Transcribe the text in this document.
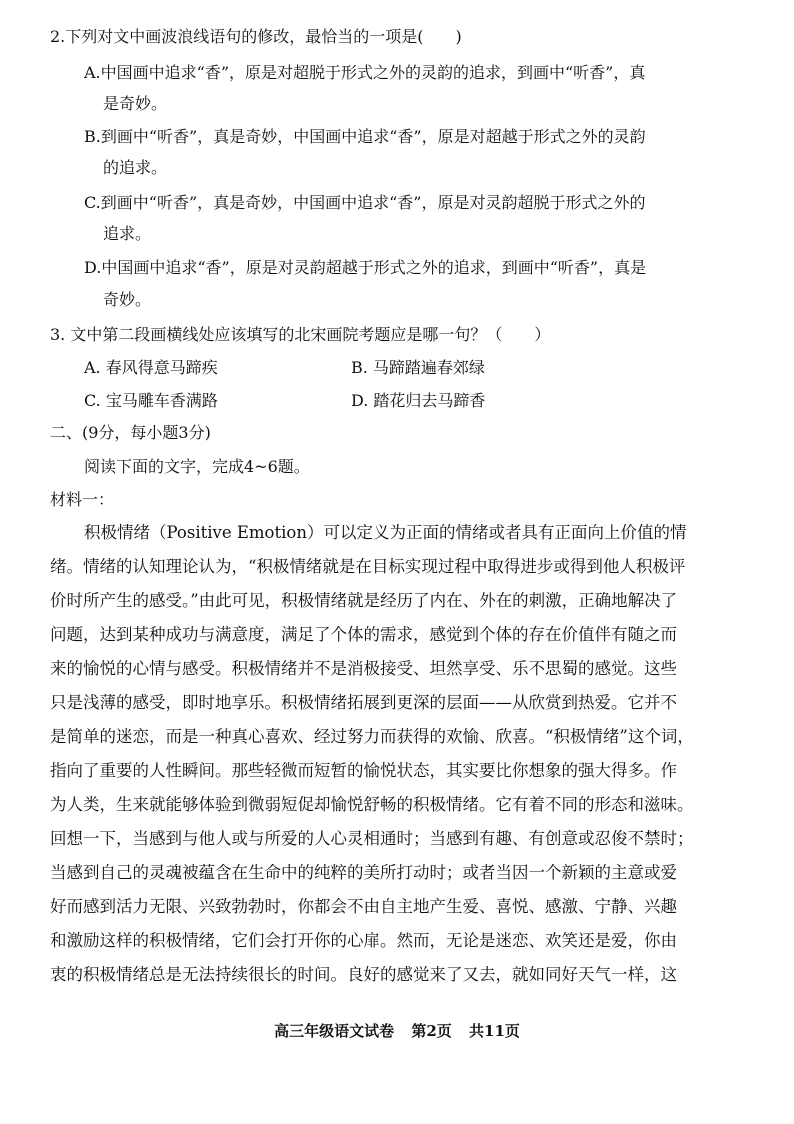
2.下列对文中画波浪线语句的修改，最恰当的一项是(　　)
A.中国画中追求“香”，原是对超脱于形式之外的灵韵的追求，到画中“听香”，真
是奇妙。
B.到画中“听香”，真是奇妙，中国画中追求“香”，原是对超越于形式之外的灵韵
的追求。
C.到画中“听香”，真是奇妙，中国画中追求“香”，原是对灵韵超脱于形式之外的
追求。
D.中国画中追求“香”，原是对灵韵超越于形式之外的追求，到画中“听香”，真是
奇妙。
3. 文中第二段画横线处应该填写的北宋画院考题应是哪一句？（　　）
A. 春风得意马蹄疾	B. 马蹄踏遍春郊绿
C. 宝马雕车香满路	D. 踏花归去马蹄香
二、(9分，每小题3分)
阅读下面的文字，完成4~6题。
材料一：
积极情绪（Positive Emotion）可以定义为正面的情绪或者具有正面向上价值的情
绪。情绪的认知理论认为，“积极情绪就是在目标实现过程中取得进步或得到他人积极评
价时所产生的感受。”由此可见，积极情绪就是经历了内在、外在的刺激，正确地解决了
问题，达到某种成功与满意度，满足了个体的需求，感觉到个体的存在价值伴有随之而
来的愉悦的心情与感受。积极情绪并不是消极接受、坦然享受、乐不思蜀的感觉。这些
只是浅薄的感受，即时地享乐。积极情绪拓展到更深的层面——从欣赏到热爱。它并不
是简单的迷恋，而是一种真心喜欢、经过努力而获得的欢愉、欣喜。“积极情绪”这个词，
指向了重要的人性瞬间。那些轻微而短暂的愉悦状态，其实要比你想象的强大得多。作
为人类，生来就能够体验到微弱短促却愉悦舒畅的积极情绪。它有着不同的形态和滋味。
回想一下，当感到与他人或与所爱的人心灵相通时；当感到有趣、有创意或忍俊不禁时；
当感到自己的灵魂被蕴含在生命中的纯粹的美所打动时；或者当因一个新颖的主意或爱
好而感到活力无限、兴致勃勃时，你都会不由自主地产生爱、喜悦、感激、宁静、兴趣
和激励这样的积极情绪，它们会打开你的心扉。然而，无论是迷恋、欢笑还是爱，你由
衷的积极情绪总是无法持续很长的时间。良好的感觉来了又去，就如同好天气一样，这
高三年级语文试卷 第2页 共11页
